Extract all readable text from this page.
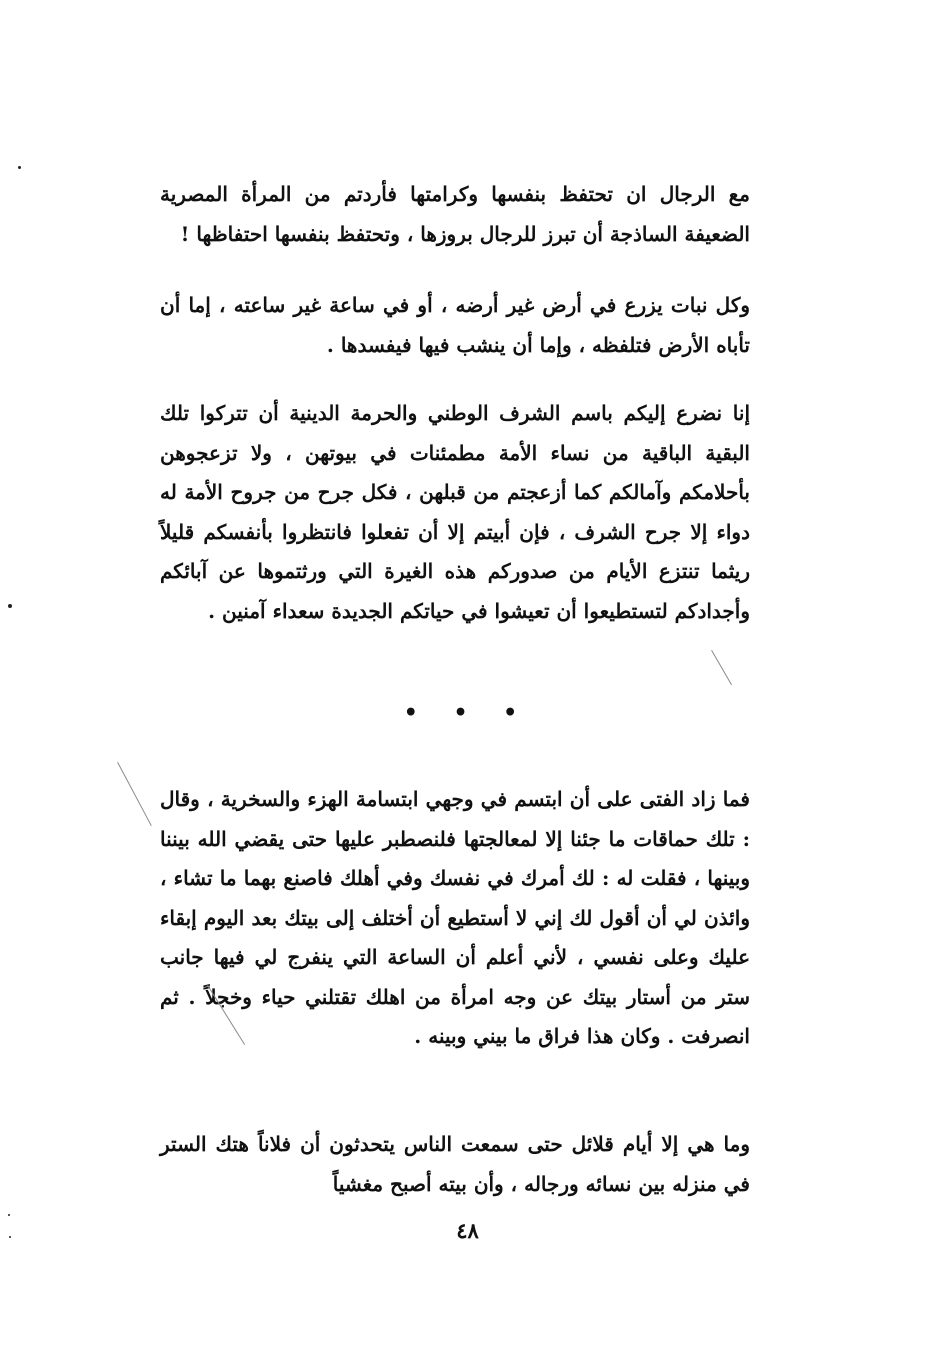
مع الرجال ان تحتفظ بنفسها وكرامتها فأردتم من المرأة المصرية الضعيفة الساذجة أن تبرز للرجال بروزها ، وتحتفظ بنفسها احتفاظها !

وكل نبات يزرع في أرض غير أرضه ، أو في ساعة غير ساعته ، إما أن تأباه الأرض فتلفظه ، وإما أن ينشب فيها فيفسدها .

إنا نضرع إليكم باسم الشرف الوطني والحرمة الدينية أن تتركوا تلك البقية الباقية من نساء الأمة مطمئنات في بيوتهن ، ولا تزعجوهن بأحلامكم وآمالكم كما أزعجتم من قبلهن ، فكل جرح من جروح الأمة له دواء إلا جرح الشرف ، فإن أبيتم إلا أن تفعلوا فانتظروا بأنفسكم قليلاً ريثما تنتزع الأيام من صدوركم هذه الغيرة التي ورثتموها عن آبائكم وأجدادكم لتستطيعوا أن تعيشوا في حياتكم الجديدة سعداء آمنين .

• • •

فما زاد الفتى على أن ابتسم في وجهي ابتسامة الهزء والسخرية ، وقال : تلك حماقات ما جئنا إلا لمعالجتها فلنصطبر عليها حتى يقضي الله بيننا وبينها ، فقلت له : لك أمرك في نفسك وفي أهلك فاصنع بهما ما تشاء ، وائذن لي أن أقول لك إني لا أستطيع أن أختلف إلى بيتك بعد اليوم إبقاء عليك وعلى نفسي ، لأني أعلم أن الساعة التي ينفرج لي فيها جانب ستر من أستار بيتك عن وجه امرأة من اهلك تقتلني حياء وخجلاً . ثم انصرفت . وكان هذا فراق ما بيني وبينه .

وما هي إلا أيام قلائل حتى سمعت الناس يتحدثون أن فلاناً هتك الستر في منزله بين نسائه ورجاله ، وأن بيته أصبح مغشياً

٤٨
